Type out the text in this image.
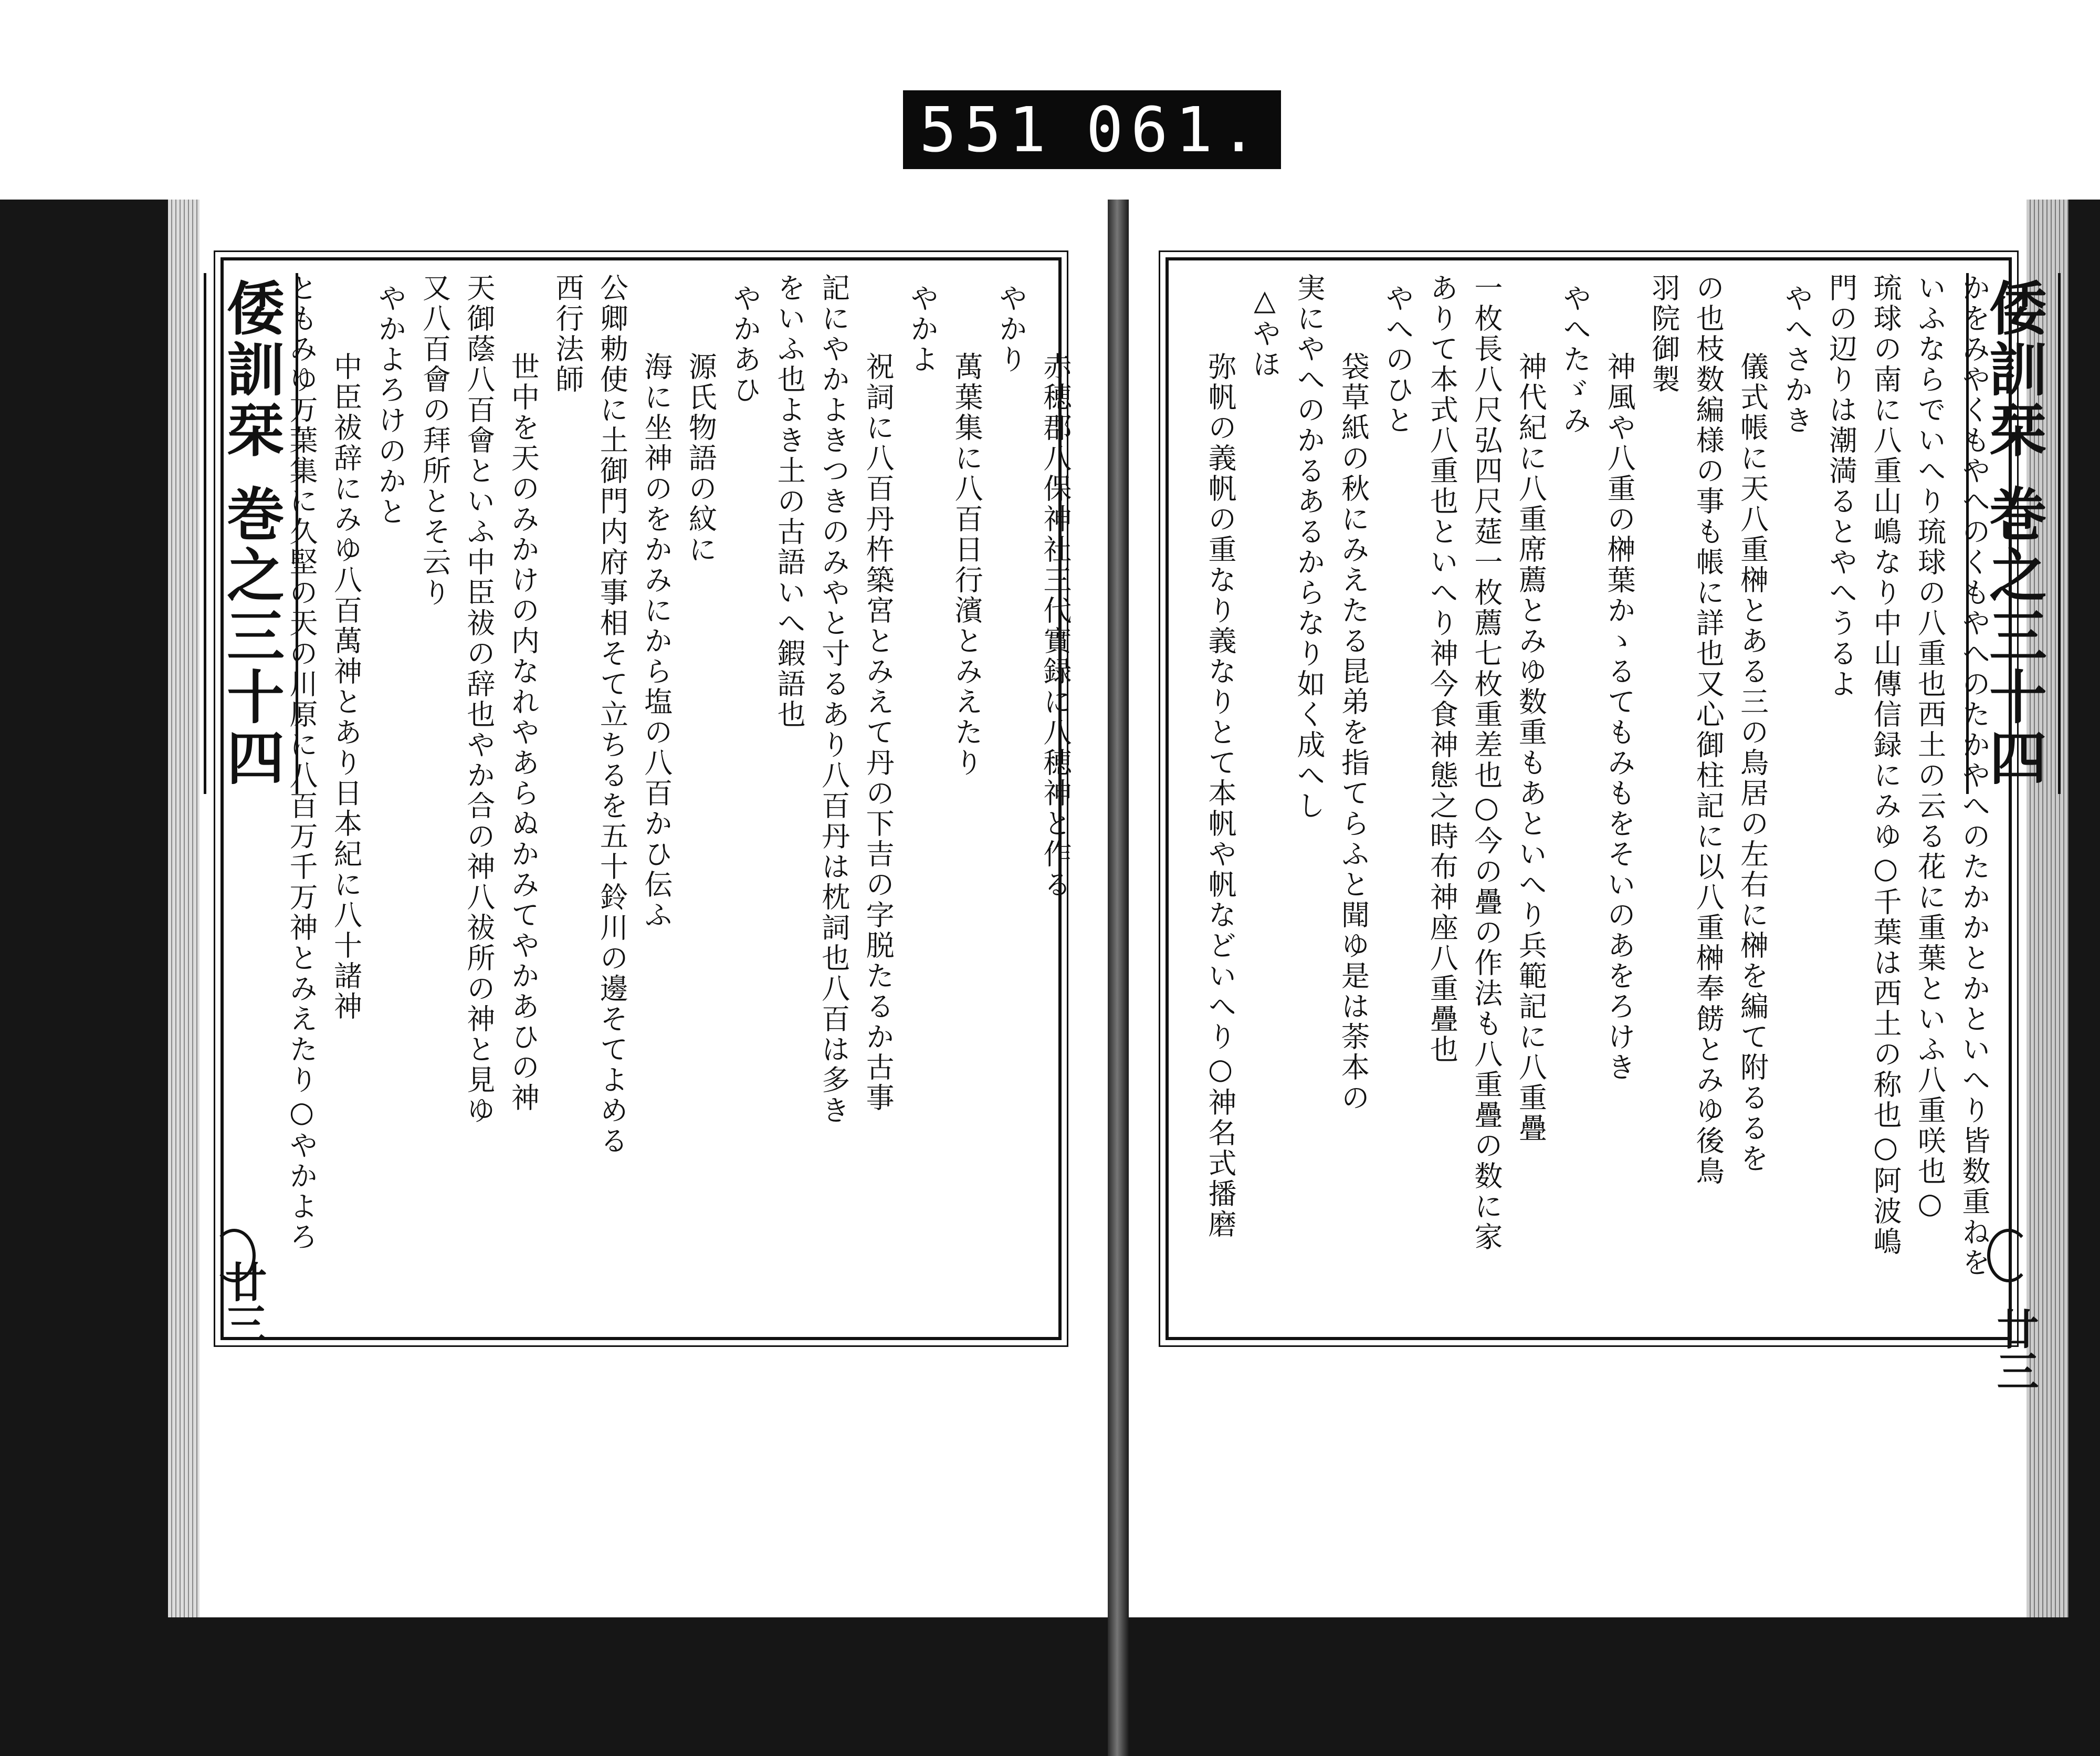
551 061.
倭訓栞 巻之三十四
廿三
倭訓栞 巻之三十四
廿三
赤穂郡八保神社三代實録に八穂神と作る
やかり
萬葉集に八百日行濱とみえたり
やかよ
祝詞に八百丹杵築宮とみえて丹の下吉の字脱たるか古事
記にやかよきつきのみやと寸るあり八百丹は枕詞也八百は多き
をいふ也よき土の古語いへ鍜語也
やかあひ
源氏物語の紋に
海に坐神のをかみにから塩の八百かひ伝ふ
公卿勅使に土御門内府事相そて立ちるを五十鈴川の邊そてよめる
西行法師
世中を天のみかけの内なれやあらぬかみてやかあひの神
天御蔭八百會といふ中臣祓の辞也やか合の神八祓所の神と見ゆ
又八百會の拜所とそ云り
やかよろけのかと
中臣祓辞にみゆ八百萬神とあり日本紀に八十諸神
ともみゆ万葉集に久堅の天の川原に八百万千万神とみえたり○やかよろ	かをみやくもやへのくもやへのたかやへのたかかとかといへり皆数重ねを
いふならでいへり琉球の八重也西土の云る花に重葉といふ八重咲也○
琉球の南に八重山嶋なり中山傳信録にみゆ○千葉は西土の称也○阿波嶋
門の辺りは潮満るとやへうるよ
やへさかき
儀式帳に天八重榊とある三の鳥居の左右に榊を編て附るるを
の也枝数編様の事も帳に詳也又心御柱記に以八重榊奉餝とみゆ後鳥
羽院御製
神風や八重の榊葉かゝるてもみもをそいのあをろけき
やへたゞみ
神代紀に八重席薦とみゆ数重もあといへり兵範記に八重疊
一枚長八尺弘四尺莚一枚薦七枚重差也○今の疊の作法も八重疊の数に家
ありて本式八重也といへり神今食神態之時布神座八重疊也
やへのひと
袋草紙の秋にみえたる昆弟を指てらふと聞ゆ是は荼本の
実にやへのかるあるからなり如く成へし
△やほ
弥帆の義帆の重なり義なりとて本帆や帆などいへり○神名式播磨
